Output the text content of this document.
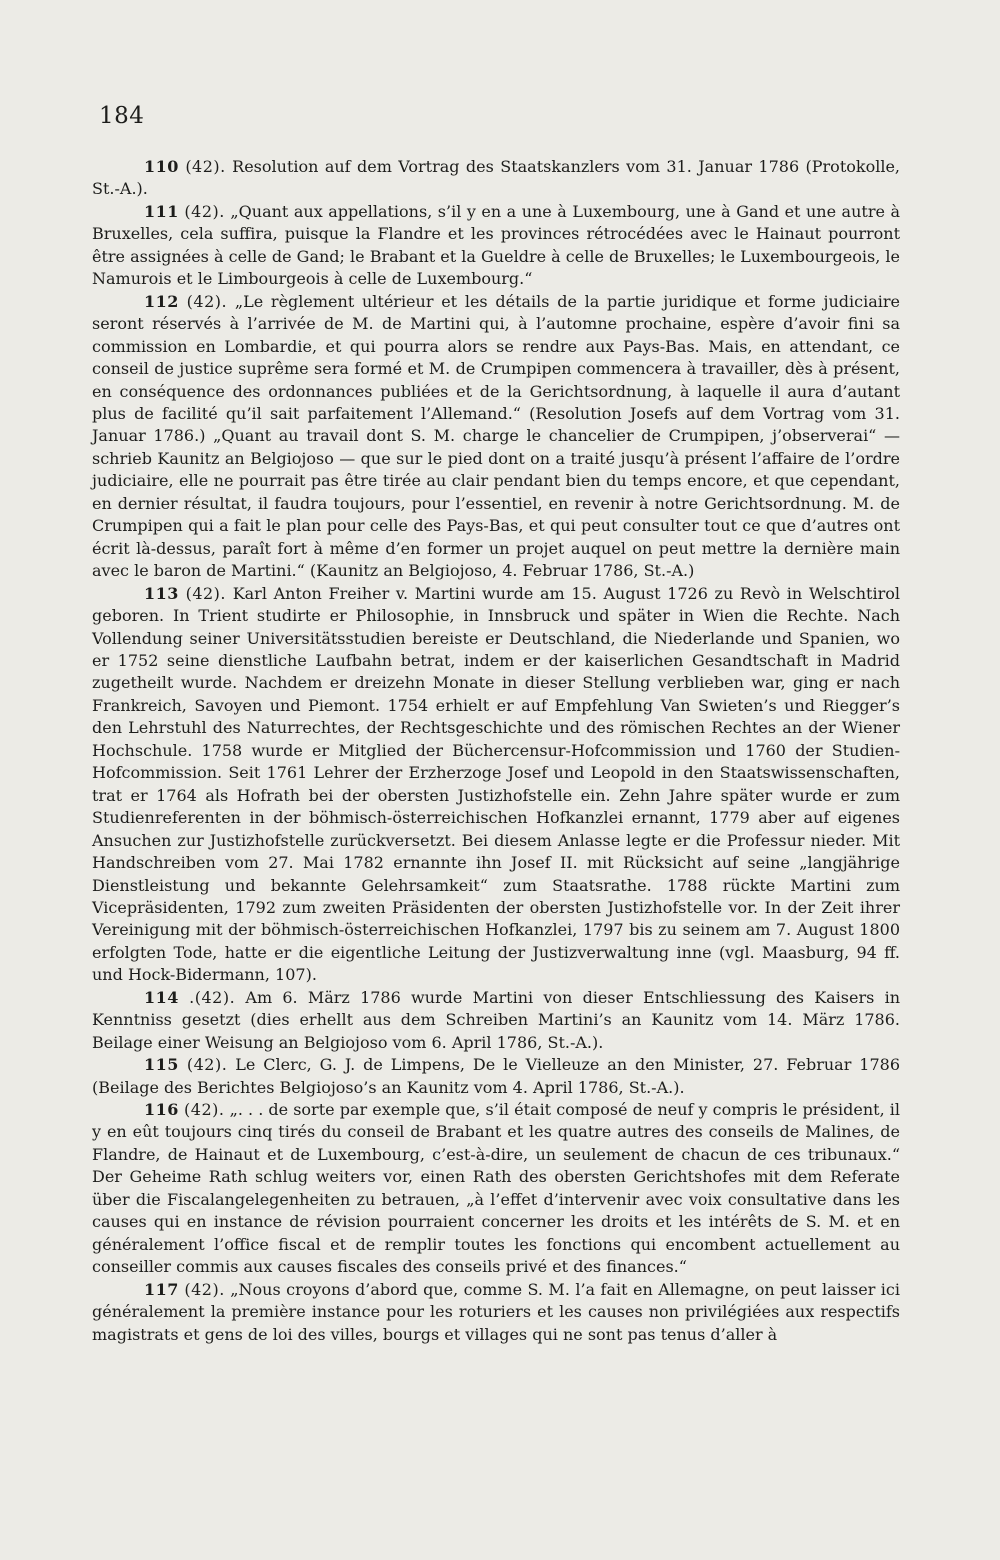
184

110 (42). Resolution auf dem Vortrag des Staatskanzlers vom 31. Januar 1786 (Protokolle, St.-A.).

111 (42). „Quant aux appellations, s’il y en a une à Luxembourg, une à Gand et une autre à Bruxelles, cela suffira, puisque la Flandre et les provinces rétrocédées avec le Hainaut pourront être assignées à celle de Gand; le Brabant et la Gueldre à celle de Bruxelles; le Luxembourgeois, le Namurois et le Limbourgeois à celle de Luxembourg.“

112 (42). „Le règlement ultérieur et les détails de la partie juridique et forme judiciaire seront réservés à l’arrivée de M. de Martini qui, à l’automne prochaine, espère d’avoir fini sa commission en Lombardie, et qui pourra alors se rendre aux Pays-Bas. Mais, en attendant, ce conseil de justice suprême sera formé et M. de Crumpipen commencera à travailler, dès à présent, en conséquence des ordonnances publiées et de la Gerichtsordnung, à laquelle il aura d’autant plus de facilité qu’il sait parfaitement l’Allemand.“ (Resolution Josefs auf dem Vortrag vom 31. Januar 1786.) „Quant au travail dont S. M. charge le chancelier de Crumpipen, j’observerai“ — schrieb Kaunitz an Belgiojoso — que sur le pied dont on a traité jusqu’à présent l’affaire de l’ordre judiciaire, elle ne pourrait pas être tirée au clair pendant bien du temps encore, et que cependant, en dernier résultat, il faudra toujours, pour l’essentiel, en revenir à notre Gerichtsordnung. M. de Crumpipen qui a fait le plan pour celle des Pays-Bas, et qui peut consulter tout ce que d’autres ont écrit là-dessus, paraît fort à même d’en former un projet auquel on peut mettre la dernière main avec le baron de Martini.“ (Kaunitz an Belgiojoso, 4. Februar 1786, St.-A.)

113 (42). Karl Anton Freiher v. Martini wurde am 15. August 1726 zu Revò in Welschtirol geboren. In Trient studirte er Philosophie, in Innsbruck und später in Wien die Rechte. Nach Vollendung seiner Universitätsstudien bereiste er Deutschland, die Niederlande und Spanien, wo er 1752 seine dienstliche Laufbahn betrat, indem er der kaiserlichen Gesandtschaft in Madrid zugetheilt wurde. Nachdem er dreizehn Monate in dieser Stellung verblieben war, ging er nach Frankreich, Savoyen und Piemont. 1754 erhielt er auf Empfehlung Van Swieten’s und Riegger’s den Lehrstuhl des Naturrechtes, der Rechtsgeschichte und des römischen Rechtes an der Wiener Hochschule. 1758 wurde er Mitglied der Büchercensur-Hofcommission und 1760 der Studien-Hofcommission. Seit 1761 Lehrer der Erzherzoge Josef und Leopold in den Staatswissenschaften, trat er 1764 als Hofrath bei der obersten Justizhofstelle ein. Zehn Jahre später wurde er zum Studienreferenten in der böhmisch-österreichischen Hofkanzlei ernannt, 1779 aber auf eigenes Ansuchen zur Justizhofstelle zurückversetzt. Bei diesem Anlasse legte er die Professur nieder. Mit Handschreiben vom 27. Mai 1782 ernannte ihn Josef II. mit Rücksicht auf seine „langjährige Dienstleistung und bekannte Gelehrsamkeit“ zum Staatsrathe. 1788 rückte Martini zum Vicepräsidenten, 1792 zum zweiten Präsidenten der obersten Justizhofstelle vor. In der Zeit ihrer Vereinigung mit der böhmisch-österreichischen Hofkanzlei, 1797 bis zu seinem am 7. August 1800 erfolgten Tode, hatte er die eigentliche Leitung der Justizverwaltung inne (vgl. Maasburg, 94 ff. und Hock-Bidermann, 107).

114 .(42). Am 6. März 1786 wurde Martini von dieser Entschliessung des Kaisers in Kenntniss gesetzt (dies erhellt aus dem Schreiben Martini’s an Kaunitz vom 14. März 1786. Beilage einer Weisung an Belgiojoso vom 6. April 1786, St.-A.).

115 (42). Le Clerc, G. J. de Limpens, De le Vielleuze an den Minister, 27. Februar 1786 (Beilage des Berichtes Belgiojoso’s an Kaunitz vom 4. April 1786, St.-A.).

116 (42). „. . . de sorte par exemple que, s’il était composé de neuf y compris le président, il y en eût toujours cinq tirés du conseil de Brabant et les quatre autres des conseils de Malines, de Flandre, de Hainaut et de Luxembourg, c’est-à-dire, un seulement de chacun de ces tribunaux.“ Der Geheime Rath schlug weiters vor, einen Rath des obersten Gerichtshofes mit dem Referate über die Fiscalangelegenheiten zu betrauen, „à l’effet d’intervenir avec voix consultative dans les causes qui en instance de révision pourraient concerner les droits et les intérêts de S. M. et en généralement l’office fiscal et de remplir toutes les fonctions qui encombent actuellement au conseiller commis aux causes fiscales des conseils privé et des finances.“

117 (42). „Nous croyons d’abord que, comme S. M. l’a fait en Allemagne, on peut laisser ici généralement la première instance pour les roturiers et les causes non privilégiées aux respectifs magistrats et gens de loi des villes, bourgs et villages qui ne sont pas tenus d’aller à
